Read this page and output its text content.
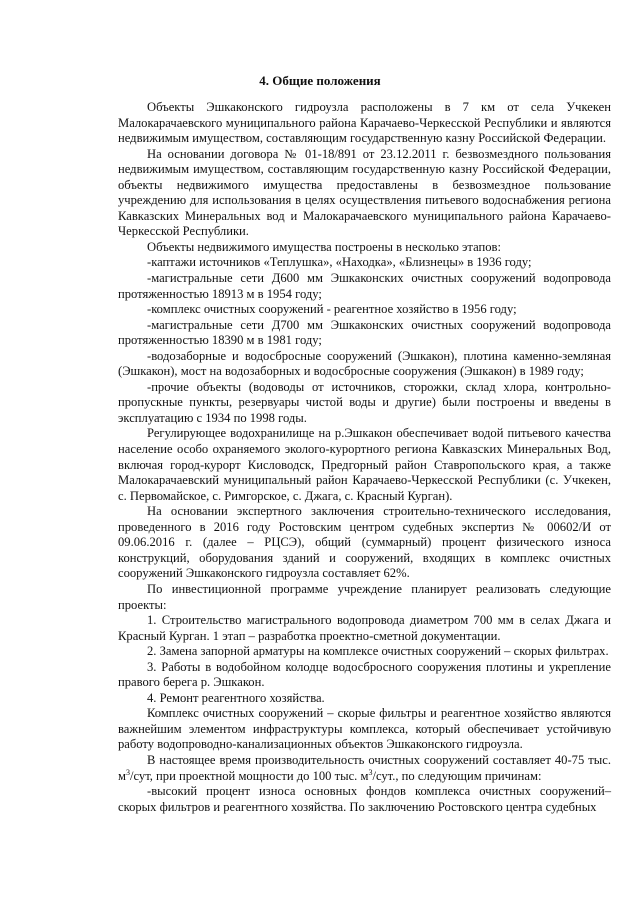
4. Общие положения

Объекты Эшкаконского гидроузла расположены в 7 км от села Учкекен Малокарачаевского муниципального района Карачаево-Черкесской Республики и являются недвижимым имуществом, составляющим государственную казну Российской Федерации.

На основании договора № 01-18/891 от 23.12.2011 г. безвозмездного пользования недвижимым имуществом, составляющим государственную казну Российской Федерации, объекты недвижимого имущества предоставлены в безвозмездное пользование учреждению для использования в целях осуществления питьевого водоснабжения региона Кавказских Минеральных вод и Малокарачаевского муниципального района Карачаево-Черкесской Республики.

Объекты недвижимого имущества построены в несколько этапов:

-каптажи источников «Теплушка», «Находка», «Близнецы» в 1936 году;

-магистральные сети Д600 мм Эшкаконских очистных сооружений водопровода протяженностью 18913 м в 1954 году;

-комплекс очистных сооружений - реагентное хозяйство в 1956 году;

-магистральные сети Д700 мм Эшкаконских очистных сооружений водопровода протяженностью 18390 м в 1981 году;

-водозаборные и водосбросные сооружений (Эшкакон), плотина каменно-земляная (Эшкакон), мост на водозаборных и водосбросные сооружения (Эшкакон) в 1989 году;

-прочие объекты (водоводы от источников, сторожки, склад хлора, контрольно-пропускные пункты, резервуары чистой воды и другие) были построены и введены в эксплуатацию с 1934 по 1998 годы.

Регулирующее водохранилище на р.Эшкакон обеспечивает водой питьевого качества население особо охраняемого эколого-курортного региона Кавказских Минеральных Вод, включая город-курорт Кисловодск, Предгорный район Ставропольского края, а также Малокарачаевский муниципальный район Карачаево-Черкесской Республики (с. Учкекен, с. Первомайское, с. Римгорское, с. Джага, с. Красный Курган).

На основании экспертного заключения строительно-технического исследования, проведенного в 2016 году Ростовским центром судебных экспертиз № 00602/И от 09.06.2016 г. (далее – РЦСЭ), общий (суммарный) процент физического износа конструкций, оборудования зданий и сооружений, входящих в комплекс очистных сооружений Эшкаконского гидроузла составляет 62%.

По инвестиционной программе учреждение планирует реализовать следующие проекты:

1. Строительство магистрального водопровода диаметром 700 мм в селах Джага и Красный Курган. 1 этап – разработка проектно-сметной документации.

2. Замена запорной арматуры на комплексе очистных сооружений – скорых фильтрах.

3. Работы в водобойном колодце водосбросного сооружения плотины и укрепление правого берега р. Эшкакон.

4. Ремонт реагентного хозяйства.

Комплекс очистных сооружений – скорые фильтры и реагентное хозяйство являются важнейшим элементом инфраструктуры комплекса, который обеспечивает устойчивую работу водопроводно-канализационных объектов Эшкаконского гидроузла.

В настоящее время производительность очистных сооружений составляет 40-75 тыс. $м^3$/сут, при проектной мощности до 100 тыс. $м^3$/сут., по следующим причинам:

-высокий процент износа основных фондов комплекса очистных сооружений– скорых фильтров и реагентного хозяйства. По заключению Ростовского центра судебных
